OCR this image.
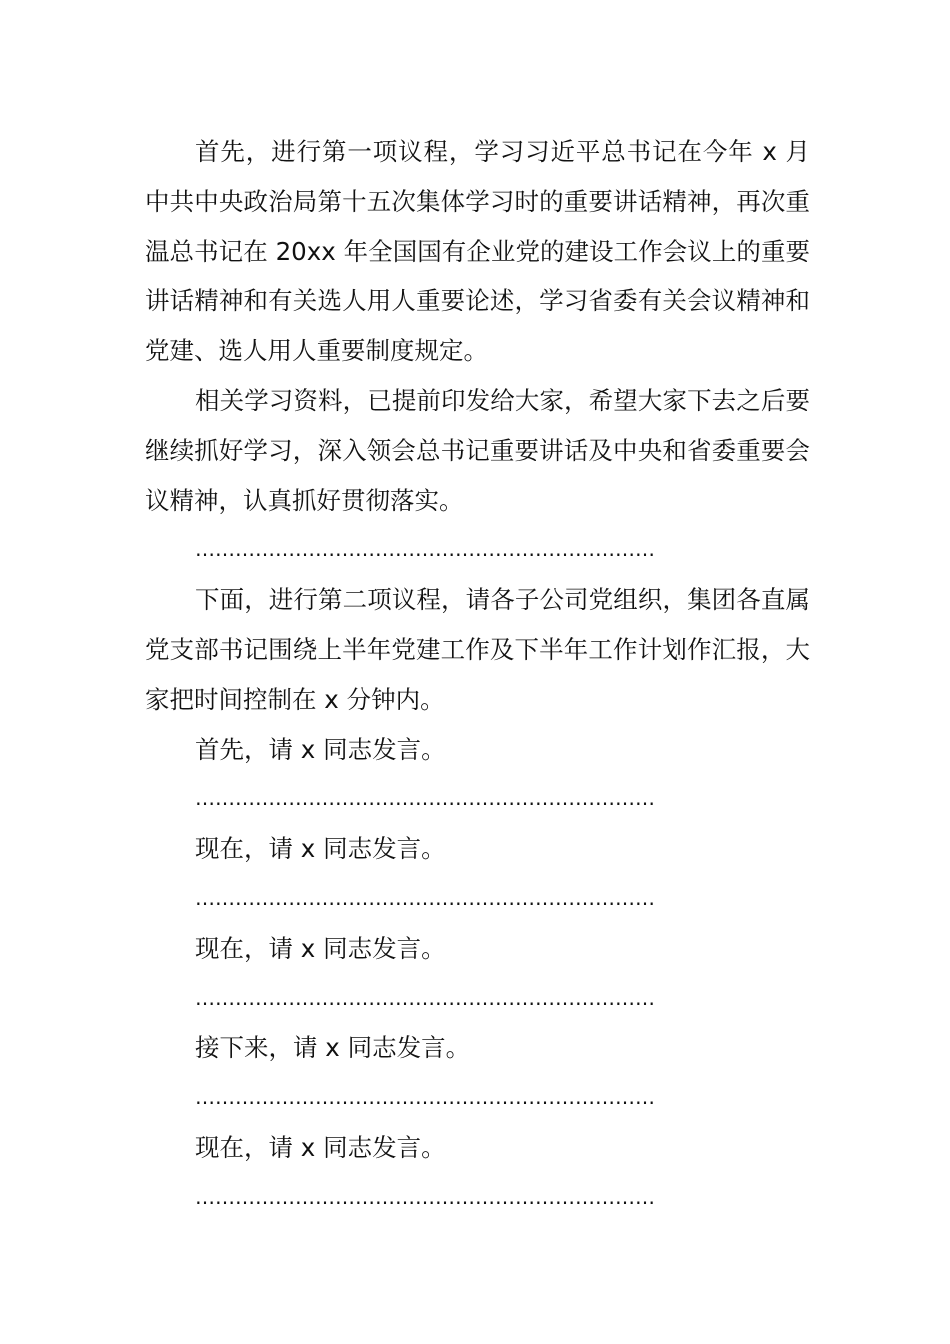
首先，进行第一项议程，学习习近平总书记在今年 x 月中共中央政治局第十五次集体学习时的重要讲话精神，再次重温总书记在 20xx 年全国国有企业党的建设工作会议上的重要讲话精神和有关选人用人重要论述，学习省委有关会议精神和党建、选人用人重要制度规定。

相关学习资料，已提前印发给大家，希望大家下去之后要继续抓好学习，深入领会总书记重要讲话及中央和省委重要会议精神，认真抓好贯彻落实。

……………………………………………………………

下面，进行第二项议程，请各子公司党组织，集团各直属党支部书记围绕上半年党建工作及下半年工作计划作汇报，大家把时间控制在 x 分钟内。

首先，请 x 同志发言。

……………………………………………………………

现在，请 x 同志发言。

……………………………………………………………

现在，请 x 同志发言。

……………………………………………………………

接下来，请 x 同志发言。

……………………………………………………………

现在，请 x 同志发言。

……………………………………………………………
